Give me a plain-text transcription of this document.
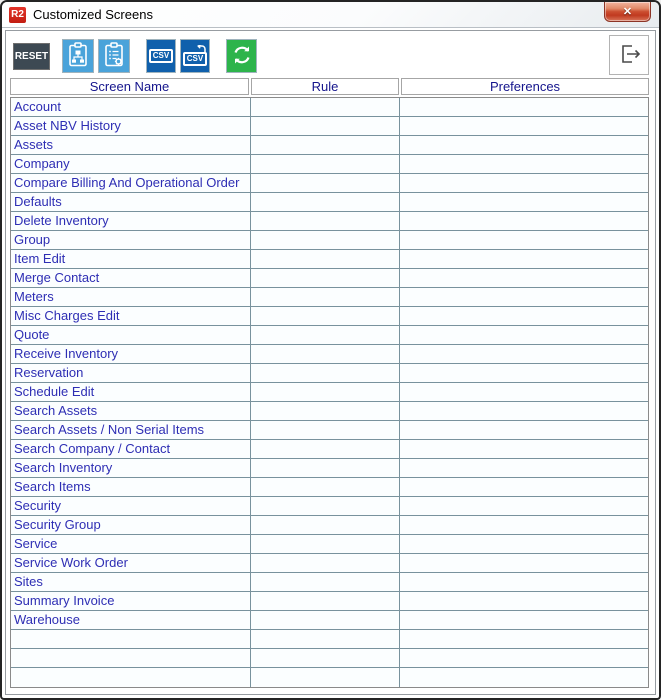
R2 Customized Screens	✕
RESET	CSV	CSV
Screen Name	Rule	Preferences
Account
Asset NBV History
Assets
Company
Compare Billing And Operational Order
Defaults
Delete Inventory
Group
Item Edit
Merge Contact
Meters
Misc Charges Edit
Quote
Receive Inventory
Reservation
Schedule Edit
Search Assets
Search Assets / Non Serial Items
Search Company / Contact
Search Inventory
Search Items
Security
Security Group
Service
Service Work Order
Sites
Summary Invoice
Warehouse
